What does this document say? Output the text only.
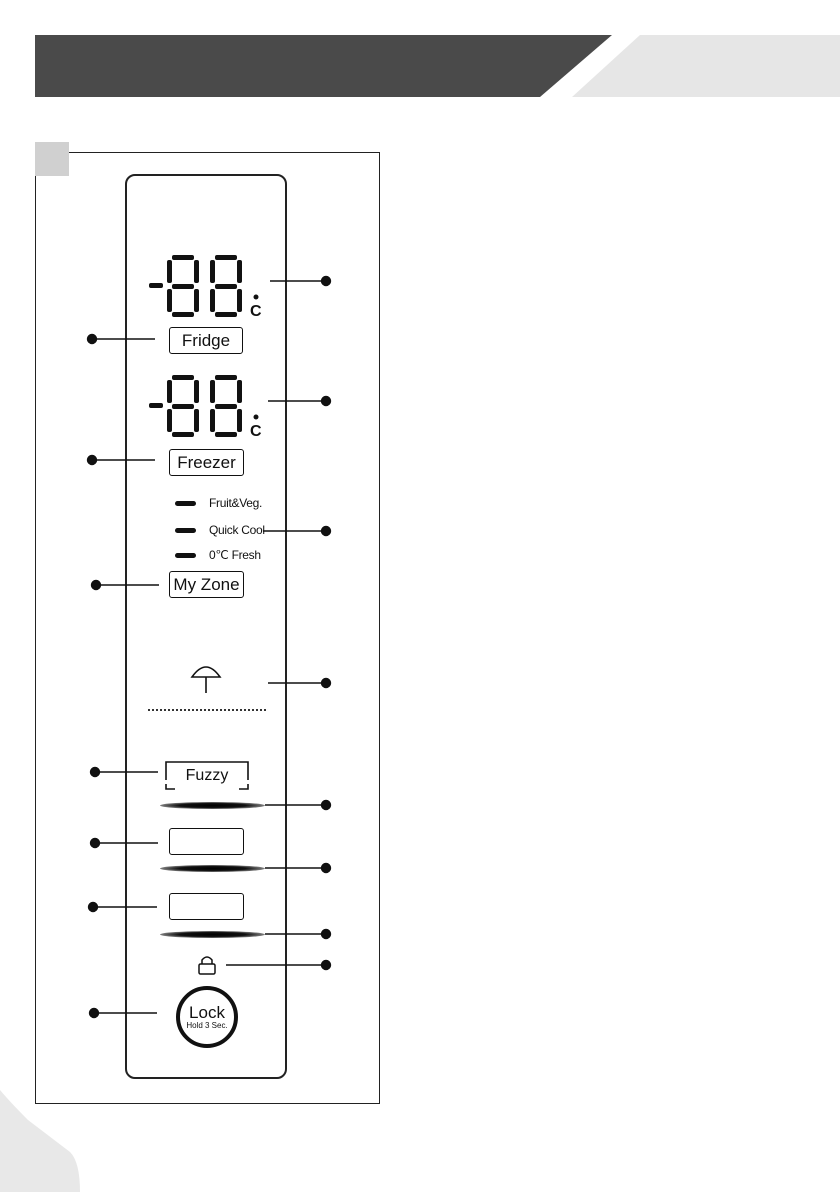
C
Fridge
C
Freezer
Fruit&Veg.
Quick Cool
0℃ Fresh
My Zone
Fuzzy
Lock
Hold 3 Sec.
